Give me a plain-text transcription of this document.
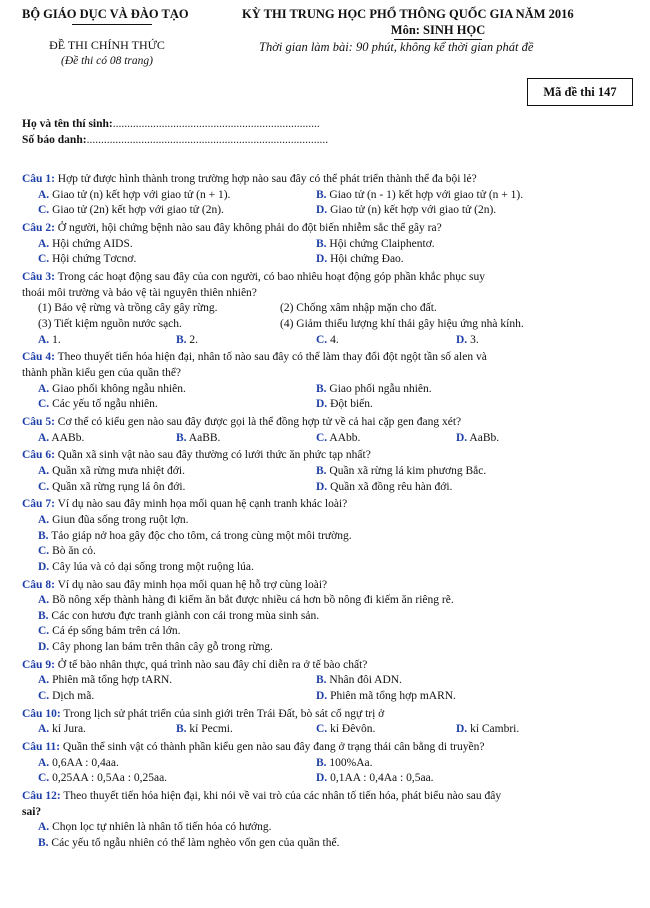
BỘ GIÁO DỤC VÀ ĐÀO TẠO
ĐỀ THI CHÍNH THỨC
(Đề thi có 08 trang)
KỲ THI TRUNG HỌC PHỔ THÔNG QUỐC GIA NĂM 2016
Môn: SINH HỌC
Thời gian làm bài: 90 phút, không kể thời gian phát đề
Mã đề thi 147
Họ và tên thí sinh:........................................................................
Số báo danh:....................................................................................
Câu 1: Hợp tử được hình thành trong trường hợp nào sau đây có thể phát triển thành thể đa bội lẻ?
A. Giao tử (n) kết hợp với giao tử (n + 1).	B. Giao tử (n - 1) kết hợp với giao tử (n + 1).
C. Giao tử (2n) kết hợp với giao tử (2n).	D. Giao tử (n) kết hợp với giao tử (2n).
Câu 2: Ở người, hội chứng bệnh nào sau đây không phải do đột biến nhiễm sắc thể gây ra?
A. Hội chứng AIDS.	B. Hội chứng Claiphentơ.
C. Hội chứng Tơcnơ.	D. Hội chứng Đao.
Câu 3: Trong các hoạt động sau đây của con người, có bao nhiêu hoạt động góp phần khắc phục suy
thoái môi trường và bảo vệ tài nguyên thiên nhiên?
(1) Bảo vệ rừng và trồng cây gây rừng.	(2) Chống xâm nhập mặn cho đất.
(3) Tiết kiệm nguồn nước sạch.	(4) Giảm thiểu lượng khí thải gây hiệu ứng nhà kính.
A. 1.	B. 2.	C. 4.	D. 3.
Câu 4: Theo thuyết tiến hóa hiện đại, nhân tố nào sau đây có thể làm thay đổi đột ngột tần số alen và
thành phần kiểu gen của quần thể?
A. Giao phối không ngẫu nhiên.	B. Giao phối ngẫu nhiên.
C. Các yếu tố ngẫu nhiên.	D. Đột biến.
Câu 5: Cơ thể có kiểu gen nào sau đây được gọi là thể đồng hợp tử về cả hai cặp gen đang xét?
A. AABb.	B. AaBB.	C. AAbb.	D. AaBb.
Câu 6: Quần xã sinh vật nào sau đây thường có lưới thức ăn phức tạp nhất?
A. Quần xã rừng mưa nhiệt đới.	B. Quần xã rừng lá kim phương Bắc.
C. Quần xã rừng rụng lá ôn đới.	D. Quần xã đồng rêu hàn đới.
Câu 7: Ví dụ nào sau đây minh họa mối quan hệ cạnh tranh khác loài?
A. Giun đũa sống trong ruột lợn.
B. Tảo giáp nở hoa gây độc cho tôm, cá trong cùng một môi trường.
C. Bò ăn cỏ.
D. Cây lúa và cỏ dại sống trong một ruộng lúa.
Câu 8: Ví dụ nào sau đây minh họa mối quan hệ hỗ trợ cùng loài?
A. Bồ nông xếp thành hàng đi kiếm ăn bắt được nhiều cá hơn bồ nông đi kiếm ăn riêng rẽ.
B. Các con hươu đực tranh giành con cái trong mùa sinh sản.
C. Cá ép sống bám trên cá lớn.
D. Cây phong lan bám trên thân cây gỗ trong rừng.
Câu 9: Ở tế bào nhân thực, quá trình nào sau đây chỉ diễn ra ở tế bào chất?
A. Phiên mã tổng hợp tARN.	B. Nhân đôi ADN.
C. Dịch mã.	D. Phiên mã tổng hợp mARN.
Câu 10: Trong lịch sử phát triển của sinh giới trên Trái Đất, bò sát cổ ngự trị ở
A. kỉ Jura.	B. kỉ Pecmi.	C. kỉ Đêvôn.	D. kỉ Cambri.
Câu 11: Quần thể sinh vật có thành phần kiểu gen nào sau đây đang ở trạng thái cân bằng di truyền?
A. 0,6AA : 0,4aa.	B. 100%Aa.
C. 0,25AA : 0,5Aa : 0,25aa.	D. 0,1AA : 0,4Aa : 0,5aa.
Câu 12: Theo thuyết tiến hóa hiện đại, khi nói về vai trò của các nhân tố tiến hóa, phát biểu nào sau đây
sai?
A. Chọn lọc tự nhiên là nhân tố tiến hóa có hướng.
B. Các yếu tố ngẫu nhiên có thể làm nghèo vốn gen của quần thể.
